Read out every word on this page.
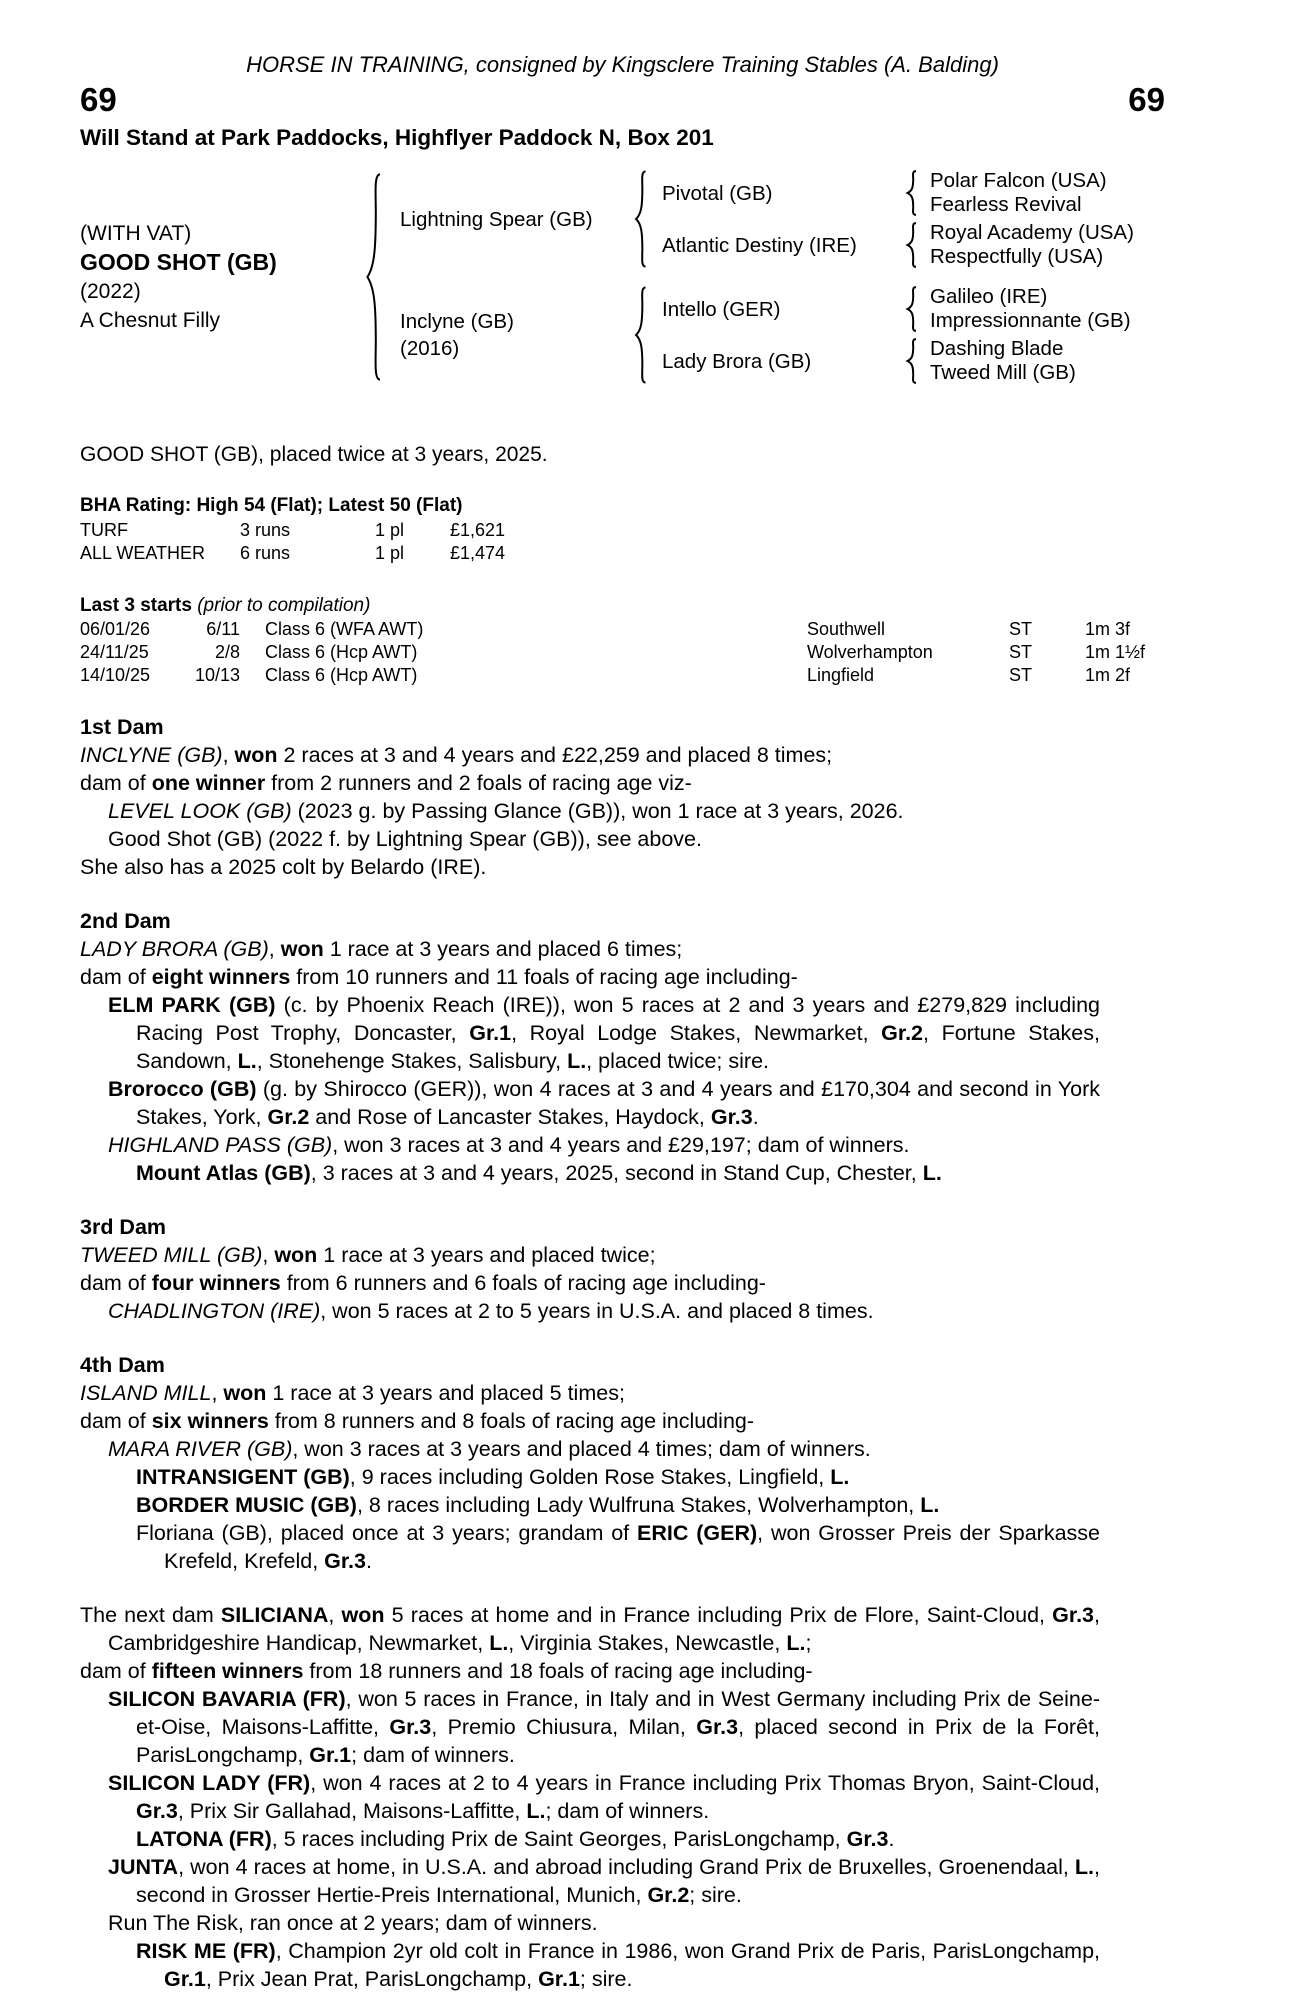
HORSE IN TRAINING, consigned by Kingsclere Training Stables (A. Balding)
69	69
Will Stand at Park Paddocks, Highflyer Paddock N, Box 201
(WITH VAT)
GOOD SHOT (GB)
(2022)
A Chesnut Filly
Lightning Spear (GB)
Pivotal (GB)
Polar Falcon (USA)
Fearless Revival
Atlantic Destiny (IRE)
Royal Academy (USA)
Respectfully (USA)
Inclyne (GB)
(2016)
Intello (GER)
Galileo (IRE)
Impressionnante (GB)
Lady Brora (GB)
Dashing Blade
Tweed Mill (GB)
GOOD SHOT (GB), placed twice at 3 years, 2025.
BHA Rating: High 54 (Flat); Latest 50 (Flat)
TURF	3 runs	1 pl	£1,621
ALL WEATHER	6 runs	1 pl	£1,474
Last 3 starts (prior to compilation)
06/01/26	6/11	Class 6 (WFA AWT)	Southwell	ST	1m 3f
24/11/25	2/8	Class 6 (Hcp AWT)	Wolverhampton	ST	1m 1½f
14/10/25	10/13	Class 6 (Hcp AWT)	Lingfield	ST	1m 2f
1st Dam
INCLYNE (GB), won 2 races at 3 and 4 years and £22,259 and placed 8 times;
dam of one winner from 2 runners and 2 foals of racing age viz-
LEVEL LOOK (GB) (2023 g. by Passing Glance (GB)), won 1 race at 3 years, 2026.
Good Shot (GB) (2022 f. by Lightning Spear (GB)), see above.
She also has a 2025 colt by Belardo (IRE).
2nd Dam
LADY BRORA (GB), won 1 race at 3 years and placed 6 times;
dam of eight winners from 10 runners and 11 foals of racing age including-
ELM PARK (GB) (c. by Phoenix Reach (IRE)), won 5 races at 2 and 3 years and £279,829 including Racing Post Trophy, Doncaster, Gr.1, Royal Lodge Stakes, Newmarket, Gr.2, Fortune Stakes, Sandown, L., Stonehenge Stakes, Salisbury, L., placed twice; sire.
Brorocco (GB) (g. by Shirocco (GER)), won 4 races at 3 and 4 years and £170,304 and second in York Stakes, York, Gr.2 and Rose of Lancaster Stakes, Haydock, Gr.3.
HIGHLAND PASS (GB), won 3 races at 3 and 4 years and £29,197; dam of winners.
Mount Atlas (GB), 3 races at 3 and 4 years, 2025, second in Stand Cup, Chester, L.
3rd Dam
TWEED MILL (GB), won 1 race at 3 years and placed twice;
dam of four winners from 6 runners and 6 foals of racing age including-
CHADLINGTON (IRE), won 5 races at 2 to 5 years in U.S.A. and placed 8 times.
4th Dam
ISLAND MILL, won 1 race at 3 years and placed 5 times;
dam of six winners from 8 runners and 8 foals of racing age including-
MARA RIVER (GB), won 3 races at 3 years and placed 4 times; dam of winners.
INTRANSIGENT (GB), 9 races including Golden Rose Stakes, Lingfield, L.
BORDER MUSIC (GB), 8 races including Lady Wulfruna Stakes, Wolverhampton, L.
Floriana (GB), placed once at 3 years; grandam of ERIC (GER), won Grosser Preis der Sparkasse Krefeld, Krefeld, Gr.3.
The next dam SILICIANA, won 5 races at home and in France including Prix de Flore, Saint-Cloud, Gr.3, Cambridgeshire Handicap, Newmarket, L., Virginia Stakes, Newcastle, L.;
dam of fifteen winners from 18 runners and 18 foals of racing age including-
SILICON BAVARIA (FR), won 5 races in France, in Italy and in West Germany including Prix de Seine-et-Oise, Maisons-Laffitte, Gr.3, Premio Chiusura, Milan, Gr.3, placed second in Prix de la Forêt, ParisLongchamp, Gr.1; dam of winners.
SILICON LADY (FR), won 4 races at 2 to 4 years in France including Prix Thomas Bryon, Saint-Cloud, Gr.3, Prix Sir Gallahad, Maisons-Laffitte, L.; dam of winners.
LATONA (FR), 5 races including Prix de Saint Georges, ParisLongchamp, Gr.3.
JUNTA, won 4 races at home, in U.S.A. and abroad including Grand Prix de Bruxelles, Groenendaal, L., second in Grosser Hertie-Preis International, Munich, Gr.2; sire.
Run The Risk, ran once at 2 years; dam of winners.
RISK ME (FR), Champion 2yr old colt in France in 1986, won Grand Prix de Paris, ParisLongchamp, Gr.1, Prix Jean Prat, ParisLongchamp, Gr.1; sire.
